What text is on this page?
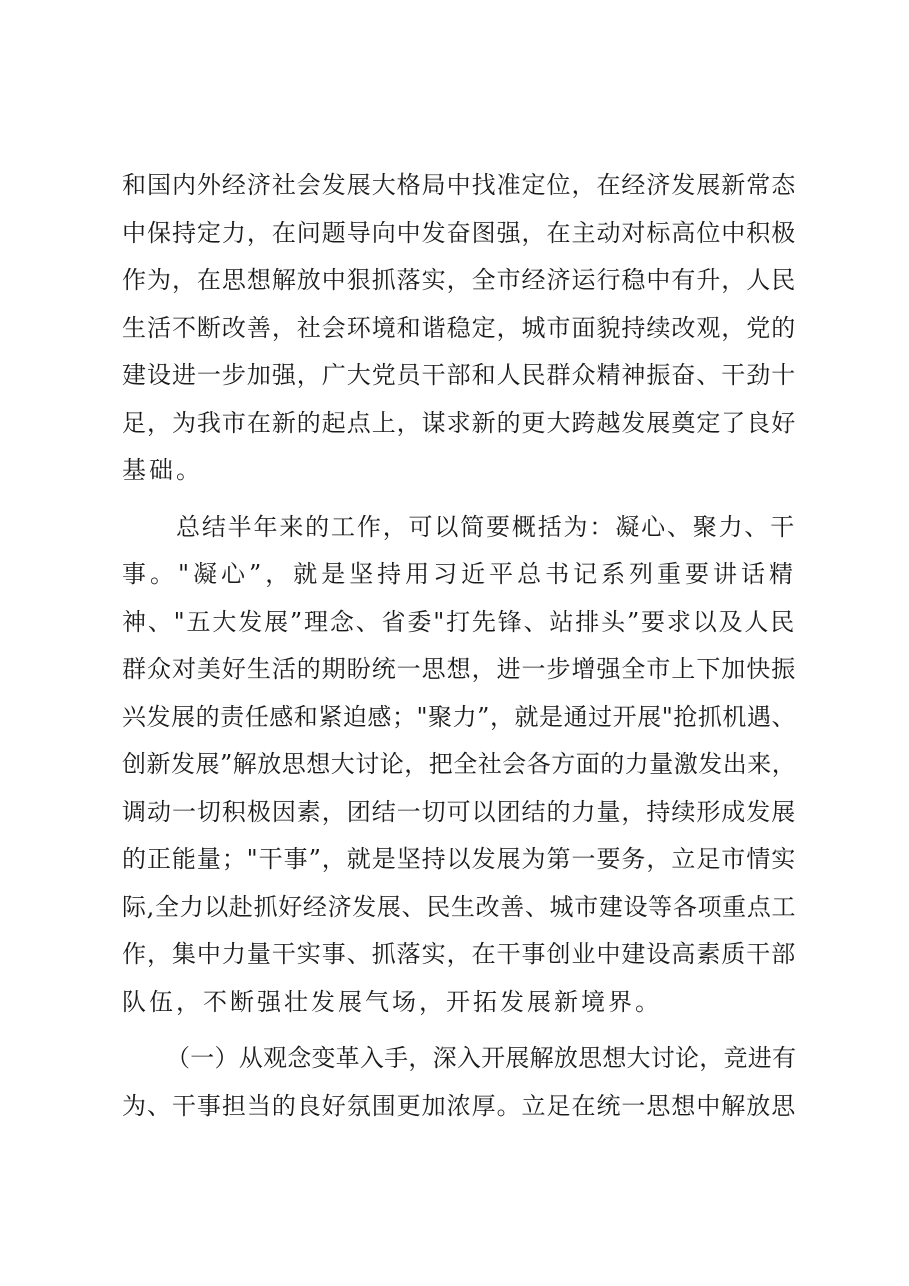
和国内外经济社会发展大格局中找准定位，在经济发展新常态
中保持定力，在问题导向中发奋图强，在主动对标高位中积极
作为，在思想解放中狠抓落实，全市经济运行稳中有升，人民
生活不断改善，社会环境和谐稳定，城市面貌持续改观，党的
建设进一步加强，广大党员干部和人民群众精神振奋、干劲十
足，为我市在新的起点上，谋求新的更大跨越发展奠定了良好
基础。
总结半年来的工作，可以简要概括为：凝心、聚力、干
事。"凝心”，就是坚持用习近平总书记系列重要讲话精
神、"五大发展”理念、省委"打先锋、站排头”要求以及人民
群众对美好生活的期盼统一思想，进一步增强全市上下加快振
兴发展的责任感和紧迫感；"聚力”，就是通过开展"抢抓机遇、
创新发展”解放思想大讨论，把全社会各方面的力量激发出来，
调动一切积极因素，团结一切可以团结的力量，持续形成发展
的正能量；"干事”，就是坚持以发展为第一要务，立足市情实
际,全力以赴抓好经济发展、民生改善、城市建设等各项重点工
作，集中力量干实事、抓落实，在干事创业中建设高素质干部
队伍，不断强壮发展气场，开拓发展新境界。
（一）从观念变革入手，深入开展解放思想大讨论，竞进有
为、干事担当的良好氛围更加浓厚。立足在统一思想中解放思
